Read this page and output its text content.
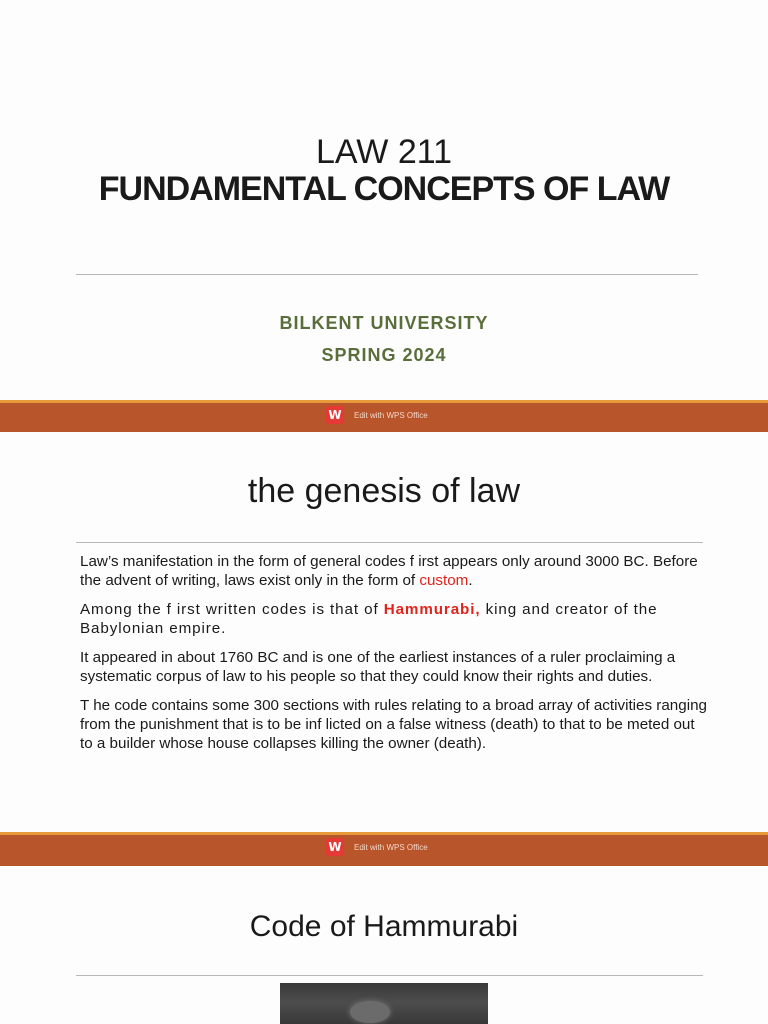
LAW 211
FUNDAMENTAL CONCEPTS OF LAW
BILKENT UNIVERSITY
SPRING 2024
W Edit with WPS Office
the genesis of law

Law’s manifestation in the form of general codes f irst appears only around 3000 BC. Before the advent of writing, laws exist only in the form of custom.

Among the f irst written codes is that of Hammurabi, king and creator of the Babylonian empire.

It appeared in about 1760 BC and is one of the earliest instances of a ruler proclaiming a systematic corpus of law to his people so that they could know their rights and duties.

T he code contains some 300 sections with rules relating to a broad array of activities ranging from the punishment that is to be inf licted on a false witness (death) to that to be meted out to a builder whose house collapses killing the owner (death).

W Edit with WPS Office
Code of Hammurabi
